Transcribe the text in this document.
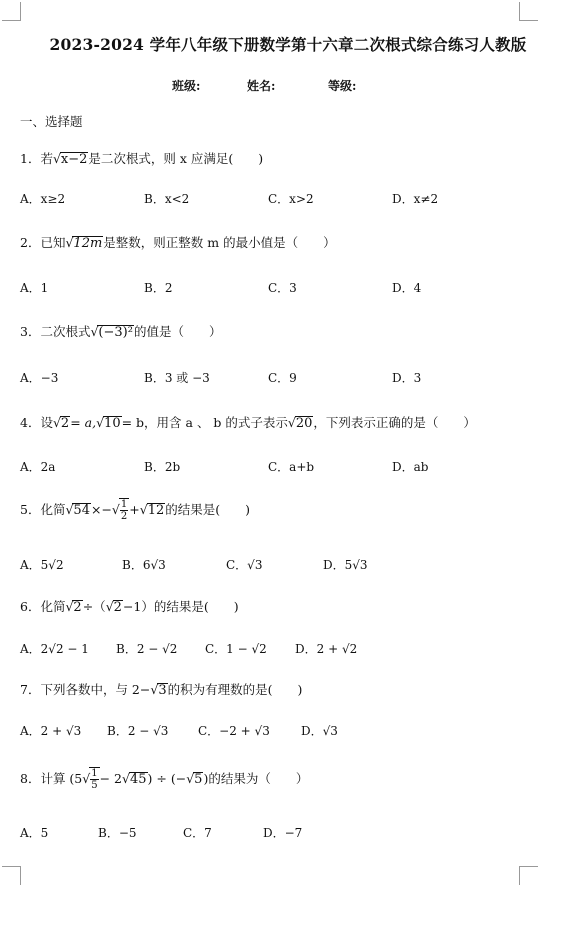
2023-2024 学年八年级下册数学第十六章二次根式综合练习人教版
班级:	姓名:	等级:
一、选择题
1．若√x−2是二次根式，则 x 应满足(　　)
A．x≥2	B．x<2	C．x>2	D．x≠2
2．已知√12m是整数，则正整数 m 的最小值是（　　）
A．1	B．2	C．3	D．4
3．二次根式√(−3)²的值是（　　）
A．−3	B．3 或 −3	C．9	D．3
4．设√2= a,√10= b，用含 a 、 b 的式子表示√20，下列表示正确的是（　　）
A．2a	B．2b	C．a+b	D．ab
5．化简$√54\times-√ \frac{1}{2} +√12$的结果是(　　)
A．5√2	B．6√3	C．√3	D．5√3
6．化简√2÷（√2−1）的结果是(　　)
A．2√2 − 1 B．2 − √2 C．1 − √2 D．2 + √2
7．下列各数中，与 2−√3的积为有理数的是(　　)
A．2 + √3 B．2 − √3 C．−2 + √3	D．√3
8．计算 $(5√ \frac{1}{5} - 2√45) \div (-√5)$的结果为（　　）
A．5	B．−5	C．7	D．−7
